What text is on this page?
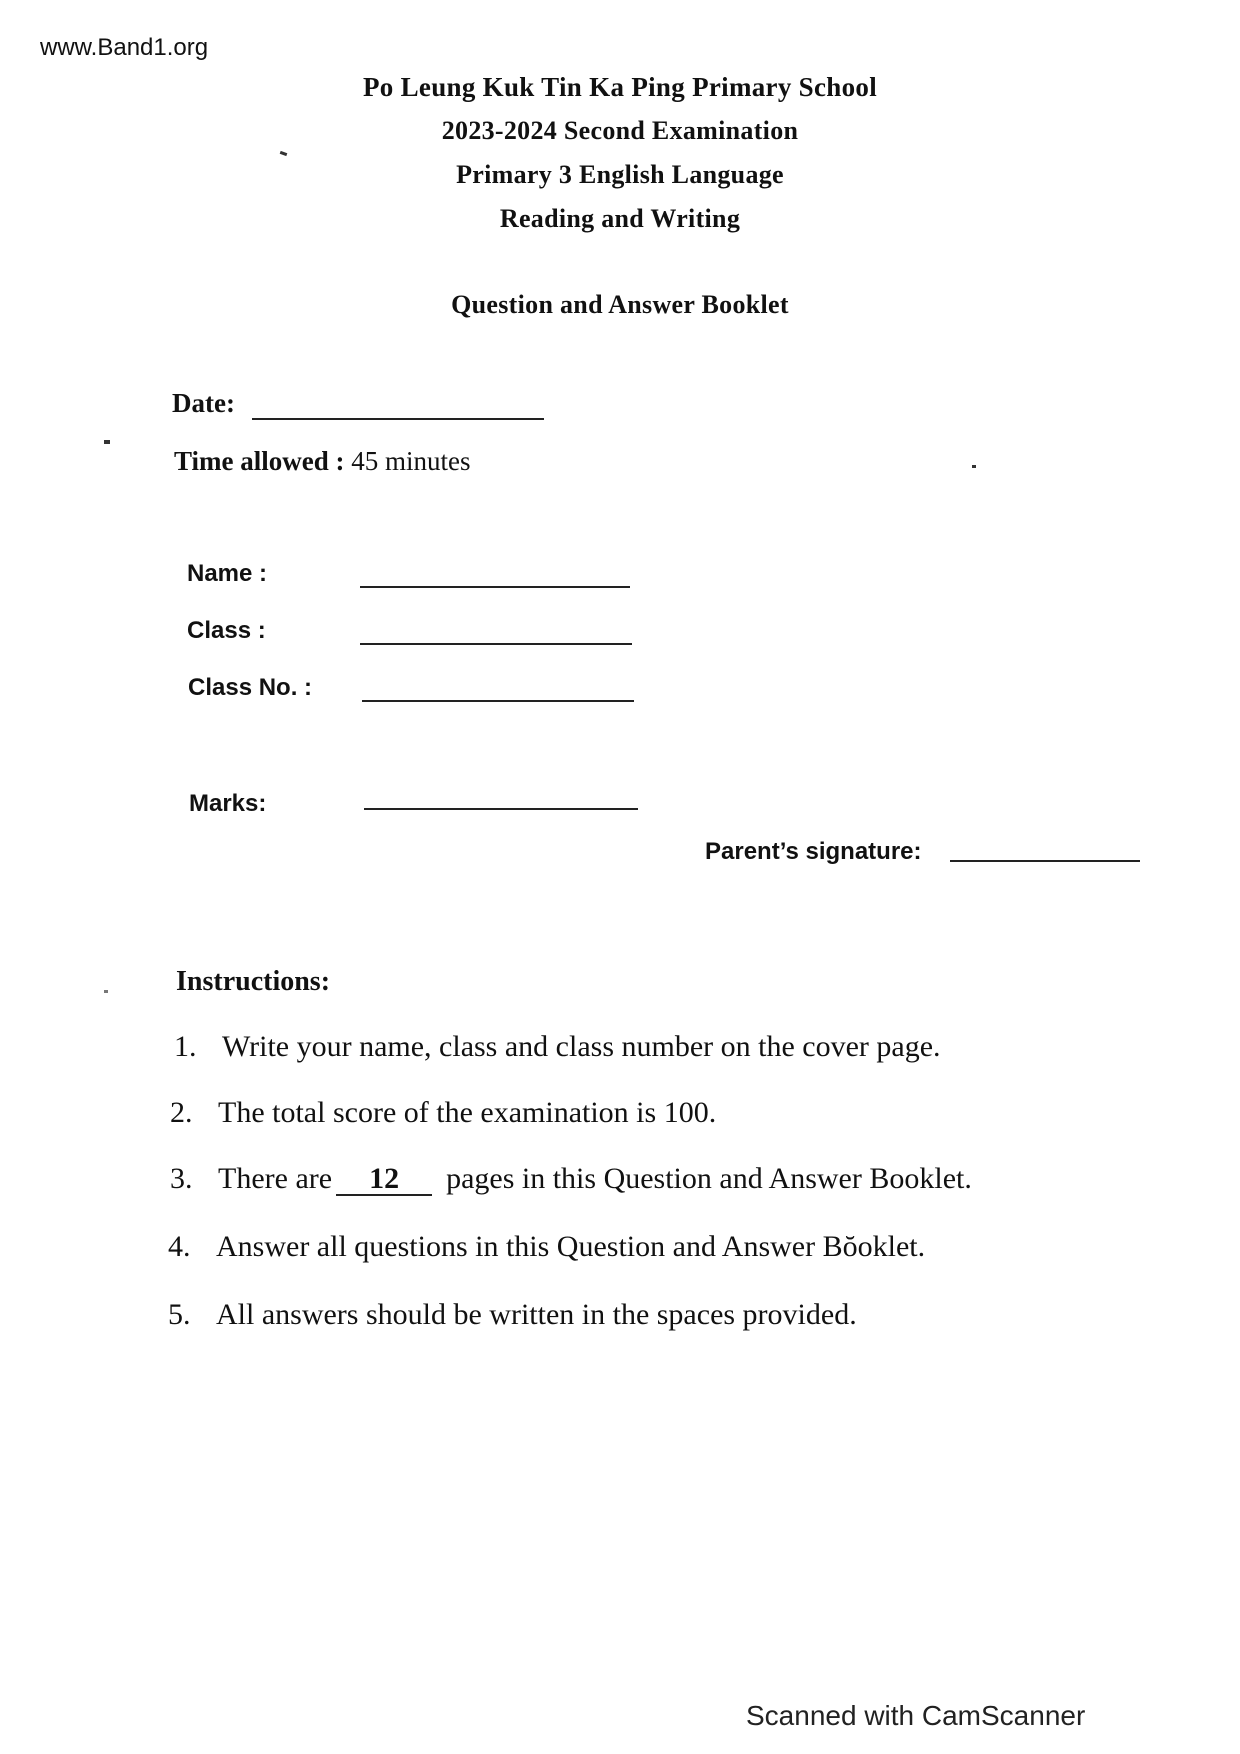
www.Band1.org
Po Leung Kuk Tin Ka Ping Primary School
2023-2024 Second Examination
Primary 3 English Language
Reading and Writing
Question and Answer Booklet
Date:
Time allowed : 45 minutes
Name :
Class :
Class No. :
Marks:
Parent’s signature:
Instructions:
1. Write your name, class and class number on the cover page.
2. The total score of the examination is 100.
3. There are 12 pages in this Question and Answer Booklet.
4. Answer all questions in this Question and Answer Bŏoklet.
5. All answers should be written in the spaces provided.
Scanned with CamScanner
